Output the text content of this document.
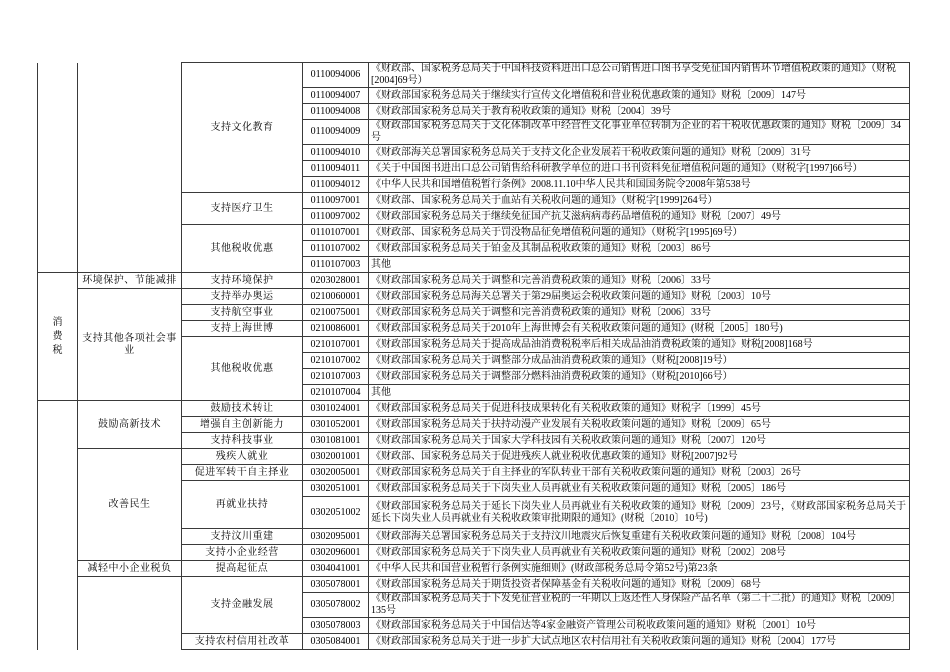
		支持文化教育	0110094006	《财政部、国家税务总局关于中国科技资料进出口总公司销售进口图书享受免征国内销售环节增值税政策的通知》（财税[2004]69号）
			0110094007	《财政部国家税务总局关于继续实行宣传文化增值税和营业税优惠政策的通知》财税〔2009〕147号
			0110094008	《财政部国家税务总局关于教育税收政策的通知》财税〔2004〕39号
			0110094009	《财政部国家税务总局关于文化体制改革中经营性文化事业单位转制为企业的若干税收优惠政策的通知》财税〔2009〕34号
			0110094010	《财政部海关总署国家税务总局关于支持文化企业发展若干税收政策问题的通知》财税〔2009〕31号
			0110094011	《关于中国图书进出口总公司销售给科研教学单位的进口书刊资料免征增值税问题的通知》（财税字[1997]66号）
			0110094012	《中华人民共和国增值税暂行条例》2008.11.10中华人民共和国国务院令2008年第538号
		支持医疗卫生	0110097001	《财政部、国家税务总局关于血站有关税收问题的通知》（财税字[1999]264号）
			0110097002	《财政部国家税务总局关于继续免征国产抗艾滋病病毒药品增值税的通知》财税〔2007〕49号
		其他税收优惠	0110107001	《财政部、国家税务总局关于罚没物品征免增值税问题的通知》（财税字[1995]69号）
			0110107002	《财政部国家税务总局关于铂金及其制品税收政策的通知》财税〔2003〕86号
			0110107003	其他
消费税	环境保护、节能减排	支持环境保护	0203028001	《财政部国家税务总局关于调整和完善消费税政策的通知》财税〔2006〕33号
	支持其他各项社会事业	支持举办奥运	0210060001	《财政部国家税务总局海关总署关于第29届奥运会税收政策问题的通知》财税〔2003〕10号
		支持航空事业	0210075001	《财政部国家税务总局关于调整和完善消费税政策的通知》财税〔2006〕33号
		支持上海世博	0210086001	《财政部国家税务总局关于2010年上海世博会有关税收政策问题的通知》(财税［2005］180号)
		其他税收优惠	0210107001	《财政部国家税务总局关于提高成品油消费税税率后相关成品油消费税政策的通知》财税[2008]168号
			0210107002	《财政部国家税务总局关于调整部分成品油消费税政策的通知》（财税[2008]19号）
			0210107003	《财政部国家税务总局关于调整部分燃料油消费税政策的通知》（财税[2010]66号）
			0210107004	其他
	鼓励高新技术	鼓励技术转让	0301024001	《财政部国家税务总局关于促进科技成果转化有关税收政策的通知》财税字〔1999〕45号
		增强自主创新能力	0301052001	《财政部国家税务总局关于扶持动漫产业发展有关税收政策问题的通知》财税〔2009〕65号
		支持科技事业	0301081001	《财政部国家税务总局关于国家大学科技园有关税收政策问题的通知》财税〔2007〕120号
	改善民生	残疾人就业	0302001001	《财政部、国家税务总局关于促进残疾人就业税收优惠政策的通知》财税[2007]92号
		促进军转干自主择业	0302005001	《财政部国家税务总局关于自主择业的军队转业干部有关税收政策问题的通知》财税〔2003〕26号
		再就业扶持	0302051001	《财政部国家税务总局关于下岗失业人员再就业有关税收政策问题的通知》财税〔2005〕186号
			0302051002	《财政部国家税务总局关于延长下岗失业人员再就业有关税收政策的通知》财税〔2009〕23号，《财政部国家税务总局关于延长下岗失业人员再就业有关税收政策审批期限的通知》(财税〔2010〕10号)
		支持汶川重建	0302095001	《财政部海关总署国家税务总局关于支持汶川地震灾后恢复重建有关税收政策问题的通知》财税〔2008〕104号
		支持小企业经营	0302096001	《财政部国家税务总局关于下岗失业人员再就业有关税收政策问题的通知》财税〔2002〕208号
	减轻中小企业税负	提高起征点	0304041001	《中华人民共和国营业税暂行条例实施细则》(财政部税务总局令第52号)第23条
		支持金融发展	0305078001	《财政部国家税务总局关于期货投资者保障基金有关税收问题的通知》财税〔2009〕68号
			0305078002	《财政部国家税务总局关于下发免征营业税的一年期以上返还性人身保险产品名单（第二十二批）的通知》财税〔2009〕135号
			0305078003	《财政部国家税务总局关于中国信达等4家金融资产管理公司税收政策问题的通知》财税〔2001〕10号
		支持农村信用社改革	0305084001	《财政部国家税务总局关于进一步扩大试点地区农村信用社有关税收政策问题的通知》财税〔2004〕177号
